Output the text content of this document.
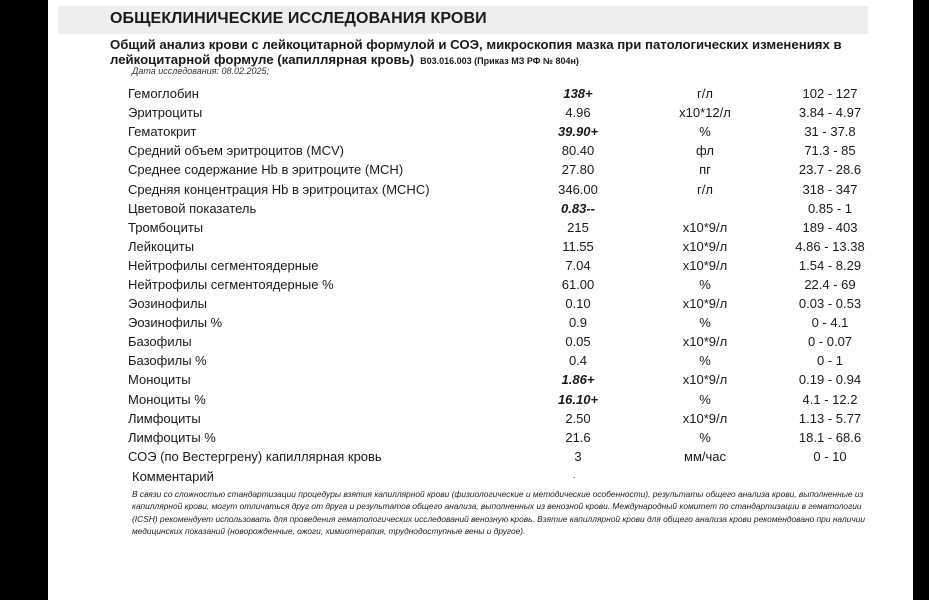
ОБЩЕКЛИНИЧЕСКИЕ ИССЛЕДОВАНИЯ КРОВИ
Общий анализ крови с лейкоцитарной формулой и СОЭ, микроскопия мазка при патологических изменениях в лейкоцитарной формуле (капиллярная кровь) В03.016.003 (Приказ МЗ РФ № 804н)
Дата исследования: 08.02.2025;
Гемоглобин	138+	г/л	102 - 127
Эритроциты	4.96	x10*12/л	3.84 - 4.97
Гематокрит	39.90+	%	31 - 37.8
Средний объем эритроцитов (MCV)	80.40	фл	71.3 - 85
Среднее содержание Hb в эритроците (MCH)	27.80	пг	23.7 - 28.6
Средняя концентрация Hb в эритроцитах (MCHC)	346.00	г/л	318 - 347
Цветовой показатель	0.83--		0.85 - 1
Тромбоциты	215	x10*9/л	189 - 403
Лейкоциты	11.55	x10*9/л	4.86 - 13.38
Нейтрофилы сегментоядерные	7.04	x10*9/л	1.54 - 8.29
Нейтрофилы сегментоядерные %	61.00	%	22.4 - 69
Эозинофилы	0.10	x10*9/л	0.03 - 0.53
Эозинофилы %	0.9	%	0 - 4.1
Базофилы	0.05	x10*9/л	0 - 0.07
Базофилы %	0.4	%	0 - 1
Моноциты	1.86+	x10*9/л	0.19 - 0.94
Моноциты %	16.10+	%	4.1 - 12.2
Лимфоциты	2.50	x10*9/л	1.13 - 5.77
Лимфоциты %	21.6	%	18.1 - 68.6
СОЭ (по Вестергрену) капиллярная кровь	3	мм/час	0 - 10
Комментарий	.
В связи со сложностью стандартизации процедуры взятия капиллярной крови (физиологические и методические особенности), результаты общего анализа крови, выполненные из капиллярной крови, могут отличаться друг от друга и результатов общего анализа, выполненных из венозной крови. Международный комитет по стандартизации в гематологии (ICSH) рекомендует использовать для проведения гематологических исследований венозную кровь. Взятие капиллярной крови для общего анализа крови рекомендовано при наличии медицинских показаний (новорожденные, ожоги, химиотерапия, труднодоступные вены и другое).
